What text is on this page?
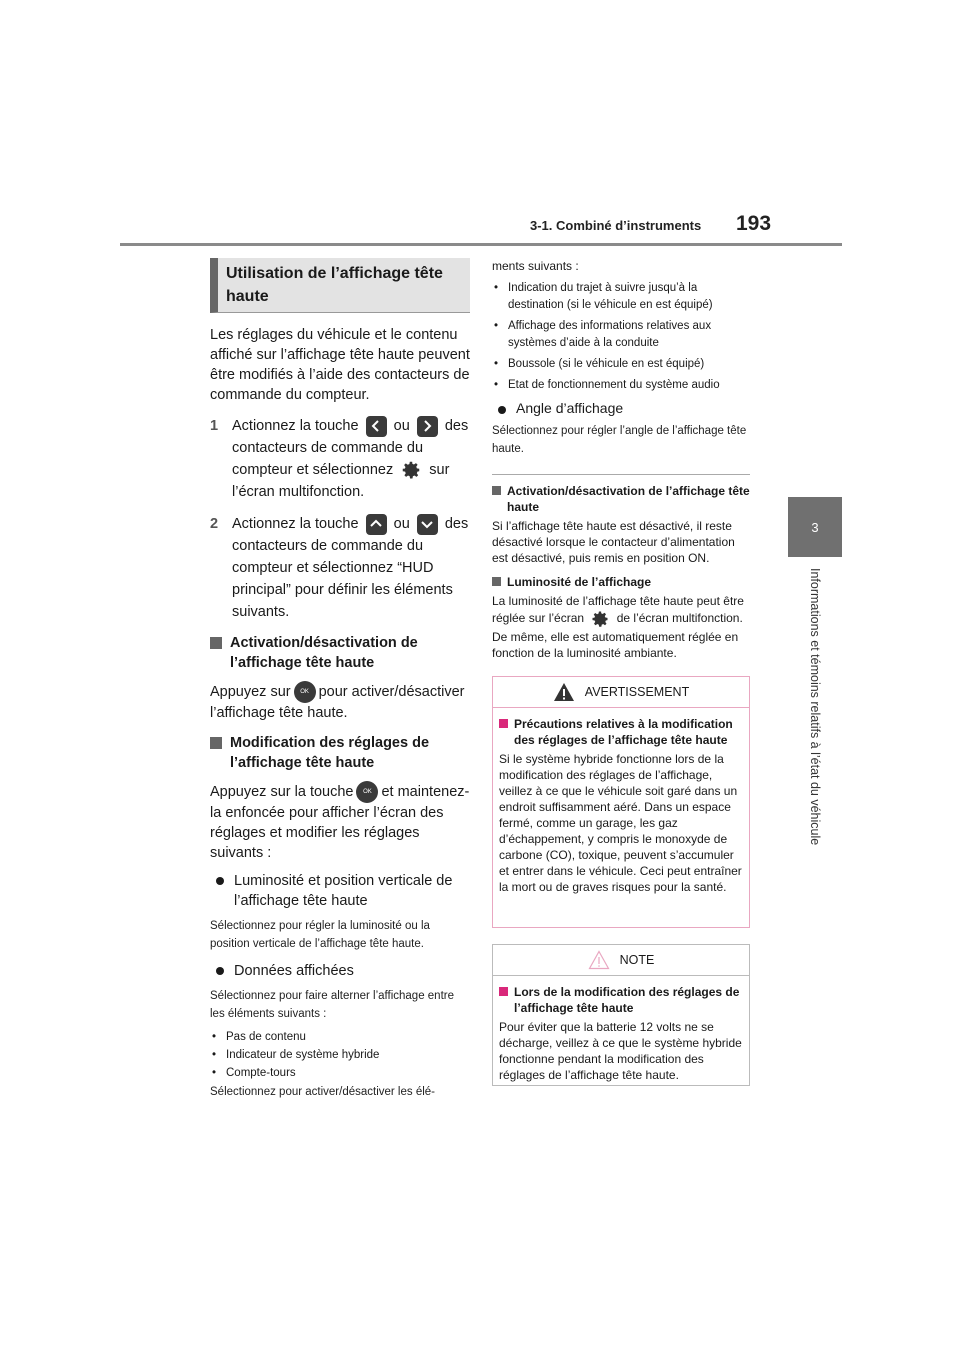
3-1. Combiné d’instruments 193
3
Informations et témoins relatifs à l’état du véhicule
Utilisation de l’affichage tête haute

Les réglages du véhicule et le contenu affiché sur l’affichage tête haute peuvent être modifiés à l’aide des contacteurs de commande du compteur.

1 Actionnez la touche ou des contacteurs de commande du compteur et sélectionnez sur l’écran multifonction.
2 Actionnez la touche ou des contacteurs de commande du compteur et sélectionnez “HUD principal” pour définir les éléments suivants.
Activation/désactivation de l’affichage tête haute

Appuyez sur OK pour activer/désactiver l’affichage tête haute.

Modification des réglages de l’affichage tête haute

Appuyez sur la touche OK et maintenez-la enfoncée pour afficher l’écran des réglages et modifier les réglages suivants :

Luminosité et position verticale de l’affichage tête haute

Sélectionnez pour régler la luminosité ou la position verticale de l’affichage tête haute.

Données affichées

Sélectionnez pour faire alterner l’affichage entre les éléments suivants :

• Pas de contenu
• Indicateur de système hybride
• Compte-tours
Sélectionnez pour activer/désactiver les élé-

ments suivants :

• Indication du trajet à suivre jusqu’à la destination (si le véhicule en est équipé)
• Affichage des informations relatives aux systèmes d’aide à la conduite
• Boussole (si le véhicule en est équipé)
• Etat de fonctionnement du système audio
Angle d’affichage

Sélectionnez pour régler l’angle de l’affichage tête haute.

Activation/désactivation de l’affichage tête haute

Si l’affichage tête haute est désactivé, il reste désactivé lorsque le contacteur d’alimentation est désactivé, puis remis en position ON.

Luminosité de l’affichage

La luminosité de l’affichage tête haute peut être réglée sur l’écran	de l’écran multifonction. De même, elle est automatiquement réglée en fonction de la luminosité ambiante.

AVERTISSEMENT
Précautions relatives à la modification des réglages de l’affichage tête haute

Si le système hybride fonctionne lors de la modification des réglages de l’affichage, veillez à ce que le véhicule soit garé dans un endroit suffisamment aéré. Dans un espace fermé, comme un garage, les gaz d’échappement, y compris le monoxyde de carbone (CO), toxique, peuvent s’accumuler et entrer dans le véhicule. Ceci peut entraîner la mort ou de graves risques pour la santé.

NOTE
Lors de la modification des réglages de l’affichage tête haute

Pour éviter que la batterie 12 volts ne se décharge, veillez à ce que le système hybride fonctionne pendant la modification des réglages de l’affichage tête haute.
